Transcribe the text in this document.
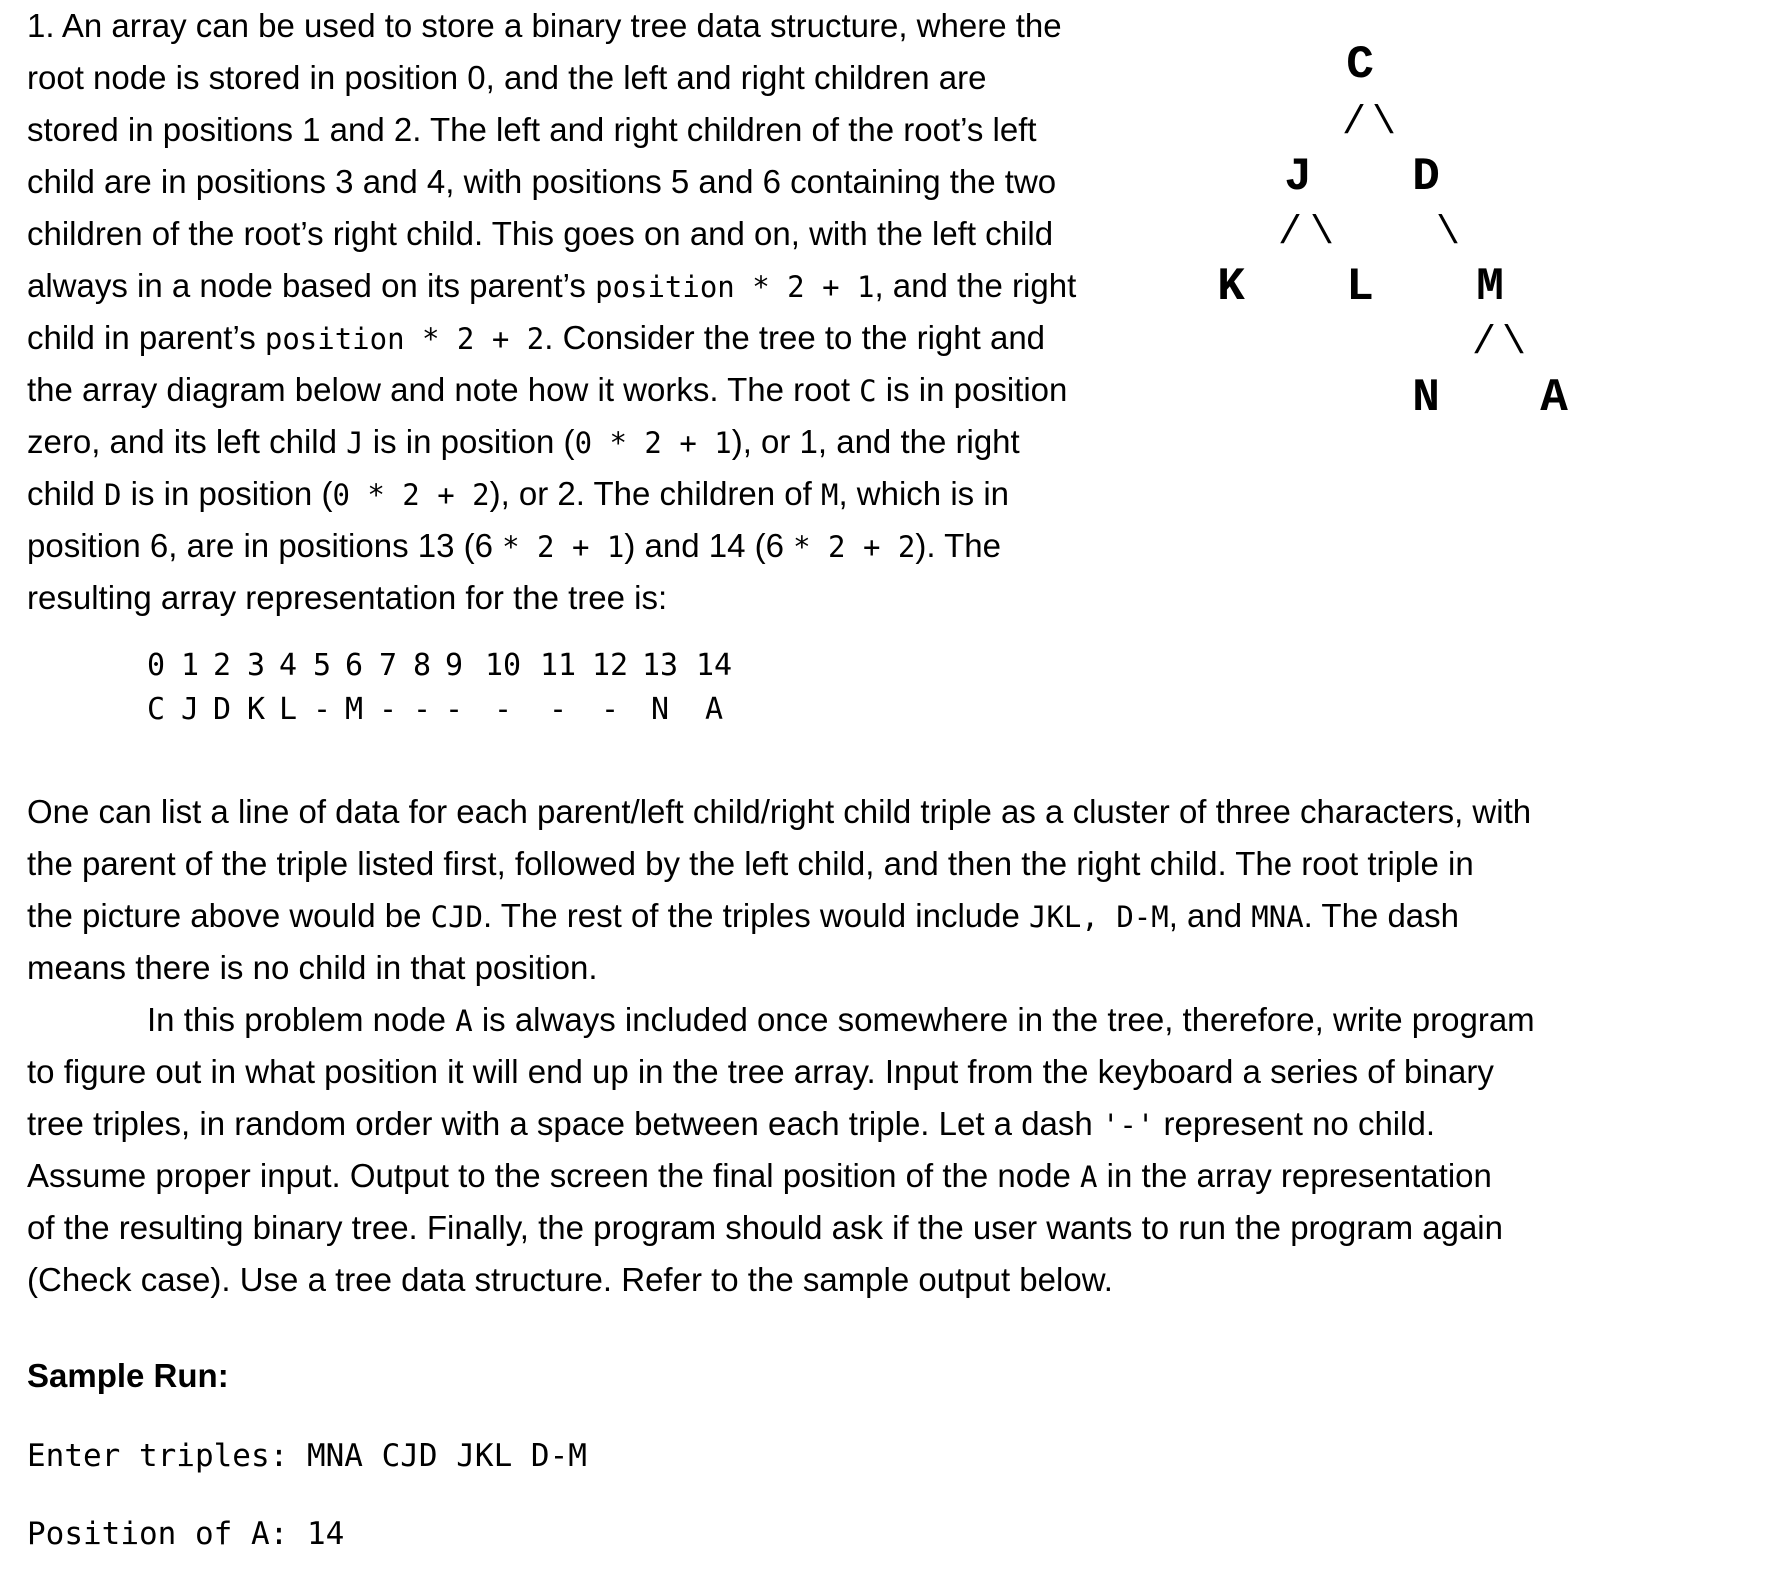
1. An array can be used to store a binary tree data structure, where the
root node is stored in position 0, and the left and right children are
stored in positions 1 and 2. The left and right children of the root’s left
child are in positions 3 and 4, with positions 5 and 6 containing the two
children of the root’s right child. This goes on and on, with the left child
always in a node based on its parent’s position * 2 + 1, and the right
child in parent’s position * 2 + 2. Consider the tree to the right and
the array diagram below and note how it works. The root C is in position
zero, and its left child J is in position (0 * 2 + 1), or 1, and the right
child D is in position (0 * 2 + 2), or 2. The children of M, which is in
position 6, are in positions 13 (6 * 2 + 1) and 14 (6 * 2 + 2). The
resulting array representation for the tree is:
C
/ \
J D
/ \	\
K L M
/ \
N A
0 1 2 3 4 5 6 7 8 9 10 11 12 13 14
C J D K L - M - - -	-	-	-	N	A
One can list a line of data for each parent/left child/right child triple as a cluster of three characters, with
the parent of the triple listed first, followed by the left child, and then the right child. The root triple in
the picture above would be CJD. The rest of the triples would include JKL, D-M, and MNA. The dash
means there is no child in that position.
In this problem node A is always included once somewhere in the tree, therefore, write program
to figure out in what position it will end up in the tree array. Input from the keyboard a series of binary
tree triples, in random order with a space between each triple. Let a dash '-' represent no child.
Assume proper input. Output to the screen the final position of the node A in the array representation
of the resulting binary tree. Finally, the program should ask if the user wants to run the program again
(Check case). Use a tree data structure. Refer to the sample output below.
Sample Run:
Enter triples: MNA CJD JKL D-M
Position of A: 14
